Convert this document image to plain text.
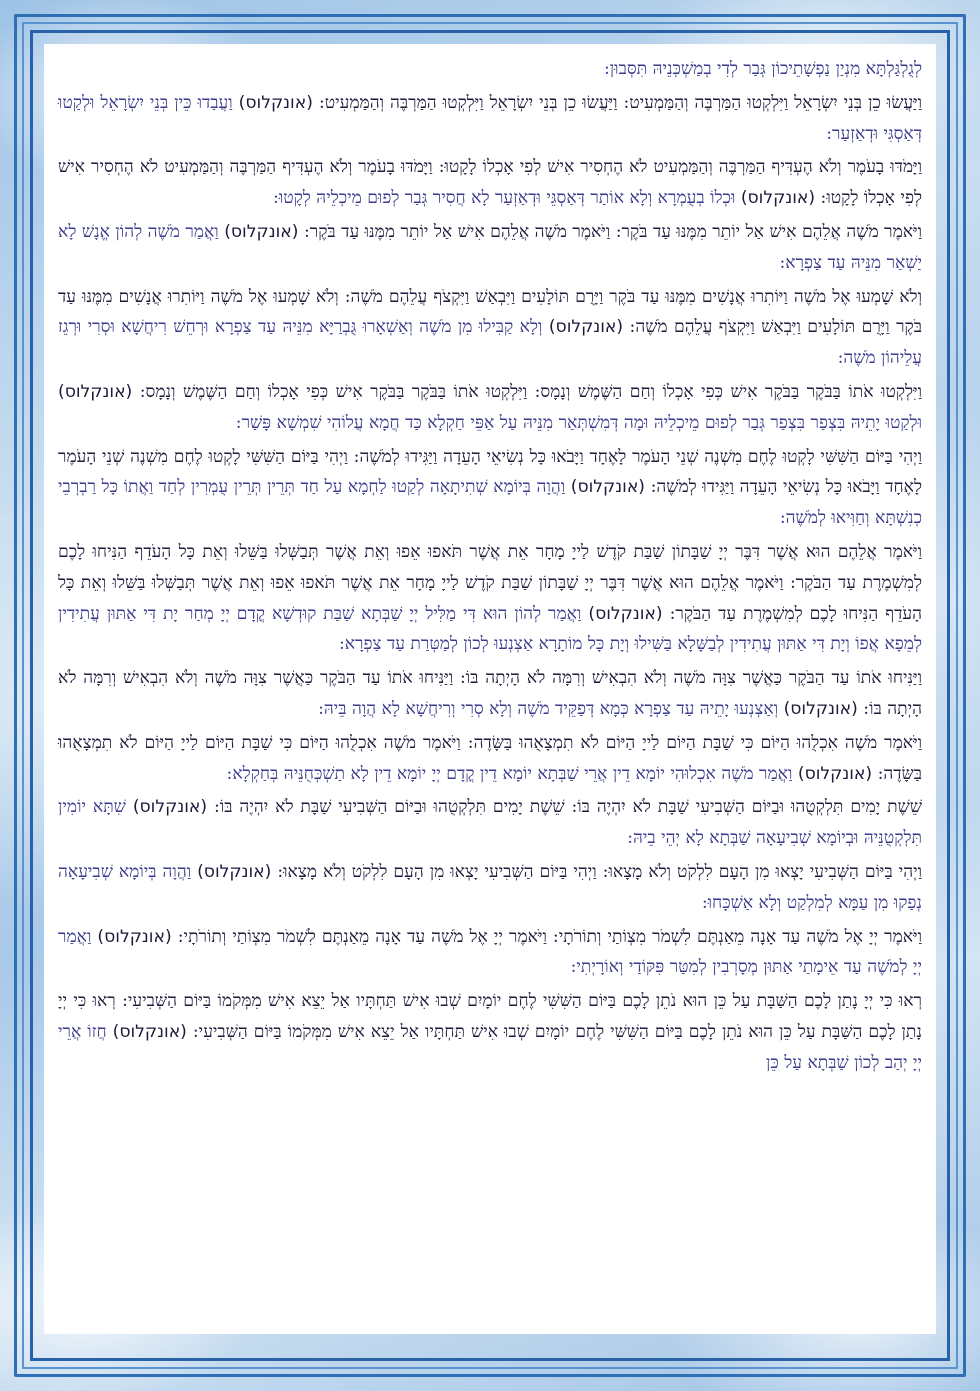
לְגֻלְגַּלְתָּא מִנְיַן נַפְשָׁתֵיכוֹן גְּבַר לְדִי בְמַשְׁכְּנֵיהּ תִּסְּבוּן:
וַיַּעֲשׂוּ כֵן בְּנֵי יִשְׂרָאֵל וַיִּלְקְטוּ הַמַּרְבֶּה וְהַמַּמְעִיט: וַיַּעֲשׂוּ כֵן בְּנֵי יִשְׂרָאֵל וַיִּלְקְטוּ הַמַּרְבֶּה וְהַמַּמְעִיט: (אונקלוס) וַעֲבַדוּ כֵּין בְּנֵי יִשְׂרָאֵל וּלְקַטוּ דְּאַסְגִּי וּדְאַזְעַר:
וַיָּמֹדּוּ בָעֹמֶר וְלֹא הֶעְדִּיף הַמַּרְבֶּה וְהַמַּמְעִיט לֹא הֶחְסִיר אִישׁ לְפִי אָכְלוֹ לָקָטוּ: וַיָּמֹדּוּ בָעֹמֶר וְלֹא הֶעְדִּיף הַמַּרְבֶּה וְהַמַּמְעִיט לֹא הֶחְסִיר אִישׁ לְפִי אָכְלוֹ לָקָטוּ: (אונקלוס) וּכְלוֹ בְעֻמְרָא וְלָא אוֹתַר דְּאַסְגֵּי וּדְאַזְעַר לָא חֲסִיר גְּבַר לְפוּם מֵיכְלֵיהּ לְקָטוּ:
וַיֹּאמֶר מֹשֶׁה אֲלֵהֶם אִישׁ אַל יוֹתֵר מִמֶּנּוּ עַד בֹּקֶר: וַיֹּאמֶר מֹשֶׁה אֲלֵהֶם אִישׁ אַל יוֹתֵר מִמֶּנּוּ עַד בֹּקֶר: (אונקלוס) וַאֲמַר מֹשֶׁה לְהוֹן אֱנָשׁ לָא יַשְׁאַר מִנֵּיהּ עַד צַפְרָא:
וְלֹא שָׁמְעוּ אֶל מֹשֶׁה וַיּוֹתִרוּ אֲנָשִׁים מִמֶּנּוּ עַד בֹּקֶר וַיָּרֻם תּוֹלָעִים וַיִּבְאַשׁ וַיִּקְצֹף עֲלֵהֶם מֹשֶׁה: וְלֹא שָׁמְעוּ אֶל מֹשֶׁה וַיּוֹתִרוּ אֲנָשִׁים מִמֶּנּוּ עַד בֹּקֶר וַיָּרֻם תּוֹלָעִים וַיִּבְאַשׁ וַיִּקְצֹף עֲלֵהֶם מֹשֶׁה: (אונקלוס) וְלָא קַבִּילוּ מִן מֹשֶׁה וְאַשְׁאָרוּ גֻּבְרַיָּא מִנֵּיהּ עַד צַפְרָא וּרְחֵשׁ רִיחֲשָׁא וּסְרִי וּרְגֵז עֲלֵיהוֹן מֹשֶׁה:
וַיִּלְקְטוּ אֹתוֹ בַּבֹּקֶר בַּבֹּקֶר אִישׁ כְּפִי אָכְלוֹ וְחַם הַשֶּׁמֶשׁ וְנָמָס: וַיִּלְקְטוּ אֹתוֹ בַּבֹּקֶר בַּבֹּקֶר אִישׁ כְּפִי אָכְלוֹ וְחַם הַשֶּׁמֶשׁ וְנָמָס: (אונקלוס) וּלְקַטוּ יָתֵיהּ בִּצְפַר בִּצְפַר גְּבַר לְפוּם מֵיכְלֵיהּ וּמָה דְּמִשְׁתְּאַר מִנֵּיהּ עַל אַפֵּי חַקְלָא כַּד חֲמָא עֲלוֹהִי שִׁמְשָׁא פָּשַׁר:
וַיְהִי בַּיּוֹם הַשִּׁשִּׁי לָקְטוּ לֶחֶם מִשְׁנֶה שְׁנֵי הָעֹמֶר לָאֶחָד וַיָּבֹאוּ כָּל נְשִׂיאֵי הָעֵדָה וַיַּגִּידוּ לְמֹשֶׁה: וַיְהִי בַּיּוֹם הַשִּׁשִּׁי לָקְטוּ לֶחֶם מִשְׁנֶה שְׁנֵי הָעֹמֶר לָאֶחָד וַיָּבֹאוּ כָּל נְשִׂיאֵי הָעֵדָה וַיַּגִּידוּ לְמֹשֶׁה: (אונקלוס) וַהֲוָה בְּיוֹמָא שְׁתִיתָאָה לְקַטוּ לַחְמָא עַל חַד תְּרֵין תְּרֵין עֻמְרִין לְחַד וַאֲתוֹ כָּל רַבְרְבֵי כְנִשְׁתָּא וְחַוִּיאוּ לְמֹשֶׁה:
וַיֹּאמֶר אֲלֵהֶם הוּא אֲשֶׁר דִּבֶּר יְיָ שַׁבָּתוֹן שַׁבַּת קֹדֶשׁ לַייָ מָחָר אֵת אֲשֶׁר תֹּאפוּ אֵפוּ וְאֵת אֲשֶׁר תְּבַשְּׁלוּ בַּשֵּׁלוּ וְאֵת כָּל הָעֹדֵף הַנִּיחוּ לָכֶם לְמִשְׁמֶרֶת עַד הַבֹּקֶר: וַיֹּאמֶר אֲלֵהֶם הוּא אֲשֶׁר דִּבֶּר יְיָ שַׁבָּתוֹן שַׁבַּת קֹדֶשׁ לַייָ מָחָר אֵת אֲשֶׁר תֹּאפוּ אֵפוּ וְאֵת אֲשֶׁר תְּבַשְּׁלוּ בַּשֵּׁלוּ וְאֵת כָּל הָעֹדֵף הַנִּיחוּ לָכֶם לְמִשְׁמֶרֶת עַד הַבֹּקֶר: (אונקלוס) וַאֲמַר לְהוֹן הוּא דִּי מַלִּיל יְיָ שַׁבְּתָא שַׁבַּת קוּדְשָׁא קֳדָם יְיָ מְחַר יָת דִּי אַתּוּן עֲתִידִין לְמֵפָא אֲפוֹ וְיָת דִּי אַתּוּן עֲתִידִין לְבַשָּׁלָא בַּשִּׁילוּ וְיָת כָּל מוֹתָרָא אַצְנְעוּ לְכוֹן לְמַטְּרַת עַד צַפְרָא:
וַיַּנִּיחוּ אֹתוֹ עַד הַבֹּקֶר כַּאֲשֶׁר צִוָּה מֹשֶׁה וְלֹא הִבְאִישׁ וְרִמָּה לֹא הָיְתָה בּוֹ: וַיַּנִּיחוּ אֹתוֹ עַד הַבֹּקֶר כַּאֲשֶׁר צִוָּה מֹשֶׁה וְלֹא הִבְאִישׁ וְרִמָּה לֹא הָיְתָה בּוֹ: (אונקלוס) וְאַצְנְעוּ יָתֵיהּ עַד צַפְרָא כְּמָא דְּפַקֵּיד מֹשֶׁה וְלָא סְרִי וְרִיחֲשָׁא לָא הֲוָה בֵּיהּ:
וַיֹּאמֶר מֹשֶׁה אִכְלֻהוּ הַיּוֹם כִּי שַׁבָּת הַיּוֹם לַייָ הַיּוֹם לֹא תִמְצָאֻהוּ בַּשָּׂדֶה: וַיֹּאמֶר מֹשֶׁה אִכְלֻהוּ הַיּוֹם כִּי שַׁבָּת הַיּוֹם לַייָ הַיּוֹם לֹא תִמְצָאֻהוּ בַּשָּׂדֶה: (אונקלוס) וַאֲמַר מֹשֶׁה אִכְלוּהִי יוֹמָא דֵין אֲרֵי שַׁבְּתָא יוֹמָא דֵין קֳדָם יְיָ יוֹמָא דֵין לָא תַשְׁכְּחֻנֵּיהּ בְּחַקְלָא:
שֵׁשֶׁת יָמִים תִּלְקְטֻהוּ וּבַיּוֹם הַשְּׁבִיעִי שַׁבָּת לֹא יִהְיֶה בּוֹ: שֵׁשֶׁת יָמִים תִּלְקְטֻהוּ וּבַיּוֹם הַשְּׁבִיעִי שַׁבָּת לֹא יִהְיֶה בּוֹ: (אונקלוס) שִׁתָּא יוֹמִין תִּלְקְטֻנֵּיהּ וּבְיוֹמָא שְׁבִיעָאָה שַׁבְּתָא לָא יְהֵי בֵיהּ:
וַיְהִי בַּיּוֹם הַשְּׁבִיעִי יָצְאוּ מִן הָעָם לִלְקֹט וְלֹא מָצָאוּ: וַיְהִי בַּיּוֹם הַשְּׁבִיעִי יָצְאוּ מִן הָעָם לִלְקֹט וְלֹא מָצָאוּ: (אונקלוס) וַהֲוָה בְּיוֹמָא שְׁבִיעָאָה נְפַקוּ מִן עַמָּא לְמִלְקַט וְלָא אַשְׁכָּחוּ:
וַיֹּאמֶר יְיָ אֶל מֹשֶׁה עַד אָנָה מֵאַנְתֶּם לִשְׁמֹר מִצְוֹתַי וְתוֹרֹתָי: וַיֹּאמֶר יְיָ אֶל מֹשֶׁה עַד אָנָה מֵאַנְתֶּם לִשְׁמֹר מִצְוֹתַי וְתוֹרֹתָי: (אונקלוס) וַאֲמַר יְיָ לְמֹשֶׁה עַד אֵימָתַי אַתּוּן מְסָרְבִין לְמִטַּר פִּקּוֹדַי וְאוֹרָיְתִי:
רְאוּ כִּי יְיָ נָתַן לָכֶם הַשַּׁבָּת עַל כֵּן הוּא נֹתֵן לָכֶם בַּיּוֹם הַשִּׁשִּׁי לֶחֶם יוֹמָיִם שְׁבוּ אִישׁ תַּחְתָּיו אַל יֵצֵא אִישׁ מִמְּקֹמוֹ בַּיּוֹם הַשְּׁבִיעִי: רְאוּ כִּי יְיָ נָתַן לָכֶם הַשַּׁבָּת עַל כֵּן הוּא נֹתֵן לָכֶם בַּיּוֹם הַשִּׁשִּׁי לֶחֶם יוֹמָיִם שְׁבוּ אִישׁ תַּחְתָּיו אַל יֵצֵא אִישׁ מִמְּקֹמוֹ בַּיּוֹם הַשְּׁבִיעִי: (אונקלוס) חֲזוֹ אֲרֵי יְיָ יְהַב לְכוֹן שַׁבְּתָא עַל כֵּן
